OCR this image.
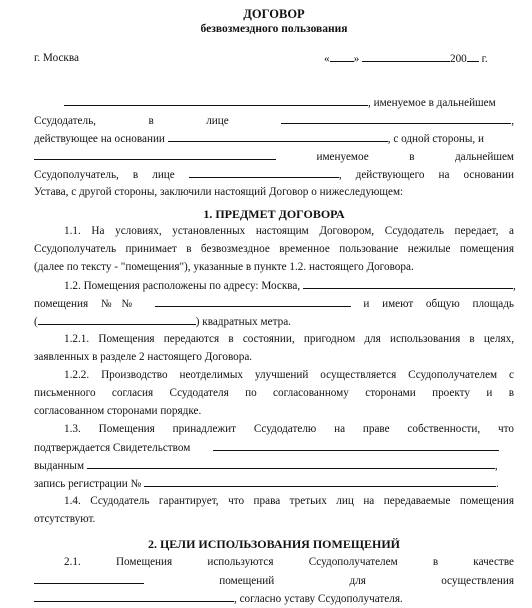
ДОГОВОР
безвозмездного пользования
г. Москва	« »	200 г.
, именуемое в дальнейшем
Ссудодатель,	в	лице	,
действующее на основании	, с одной стороны, и
именуемое	в	дальнейшем
Ссудополучатель, в лице	, действующего на основании
Устава, с другой стороны, заключили настоящий Договор о нижеследующем:
1. ПРЕДМЕТ ДОГОВОРА
1.1. На условиях, установленных настоящим Договором, Ссудодатель передает, а
Ссудополучатель принимает в безвозмездное временное пользование нежилые помещения
(далее по тексту - "помещения"), указанные в пункте 1.2. настоящего Договора.
1.2. Помещения расположены по адресу: Москва,	,
помещения №№	и имеют общую площадь
(	) квадратных метра.
1.2.1. Помещения передаются в состоянии, пригодном для использования в целях,
заявленных в разделе 2 настоящего Договора.
1.2.2. Производство неотделимых улучшений осуществляется Ссудополучателем с
письменного согласия Ссудодателя по согласованному сторонами проекту и в
согласованном сторонами порядке.
1.3. Помещения принадлежит Ссудодателю на праве собственности, что
подтверждается Свидетельством
выданным	,
запись регистрации №	.
1.4. Ссудодатель гарантирует, что права третьих лиц на передаваемые помещения
отсутствуют.
2. ЦЕЛИ ИСПОЛЬЗОВАНИЯ ПОМЕЩЕНИЙ
2.1. Помещения используются Ссудополучателем в качестве
помещений	для	осуществления
, согласно уставу Ссудополучателя.
